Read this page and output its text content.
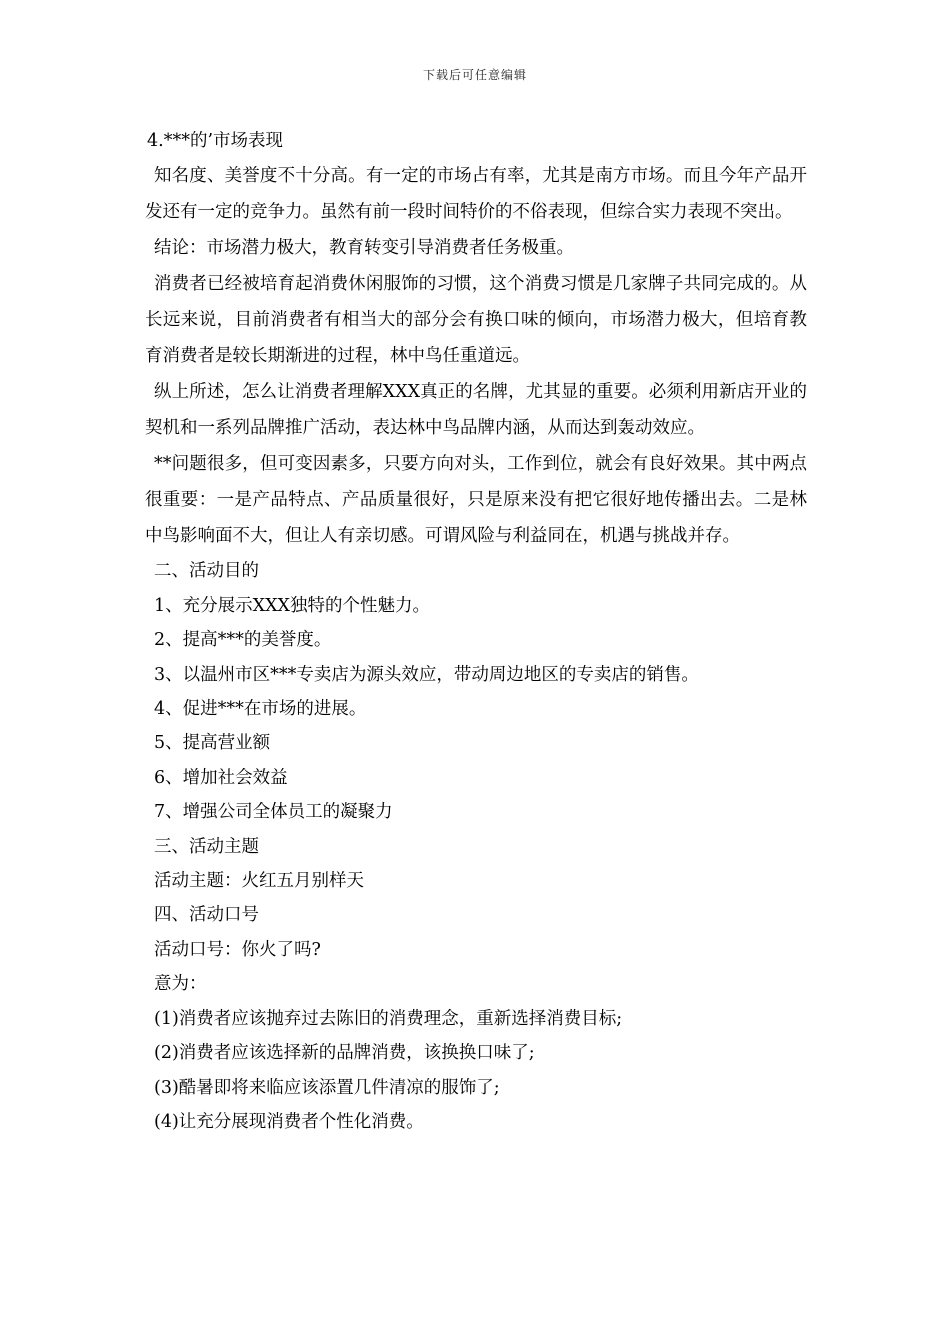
下载后可任意编辑

4.***的’市场表现

知名度、美誉度不十分高。有一定的市场占有率，尤其是南方市场。而且今年产品开发还有一定的竞争力。虽然有前一段时间特价的不俗表现，但综合实力表现不突出。

结论：市场潜力极大，教育转变引导消费者任务极重。

消费者已经被培育起消费休闲服饰的习惯，这个消费习惯是几家牌子共同完成的。从长远来说，目前消费者有相当大的部分会有换口味的倾向，市场潜力极大，但培育教育消费者是较长期渐进的过程，林中鸟任重道远。

纵上所述，怎么让消费者理解XXX真正的名牌，尤其显的重要。必须利用新店开业的契机和一系列品牌推广活动，表达林中鸟品牌内涵，从而达到轰动效应。

**问题很多，但可变因素多，只要方向对头，工作到位，就会有良好效果。其中两点很重要：一是产品特点、产品质量很好，只是原来没有把它很好地传播出去。二是林中鸟影响面不大，但让人有亲切感。可谓风险与利益同在，机遇与挑战并存。

二、活动目的

1、充分展示XXX独特的个性魅力。

2、提高***的美誉度。

3、以温州市区***专卖店为源头效应，带动周边地区的专卖店的销售。

4、促进***在市场的进展。

5、提高营业额

6、增加社会效益

7、增强公司全体员工的凝聚力

三、活动主题

活动主题：火红五月别样天

四、活动口号

活动口号：你火了吗?

意为：

(1)消费者应该抛弃过去陈旧的消费理念，重新选择消费目标;

(2)消费者应该选择新的品牌消费，该换换口味了;

(3)酷暑即将来临应该添置几件清凉的服饰了;

(4)让充分展现消费者个性化消费。
